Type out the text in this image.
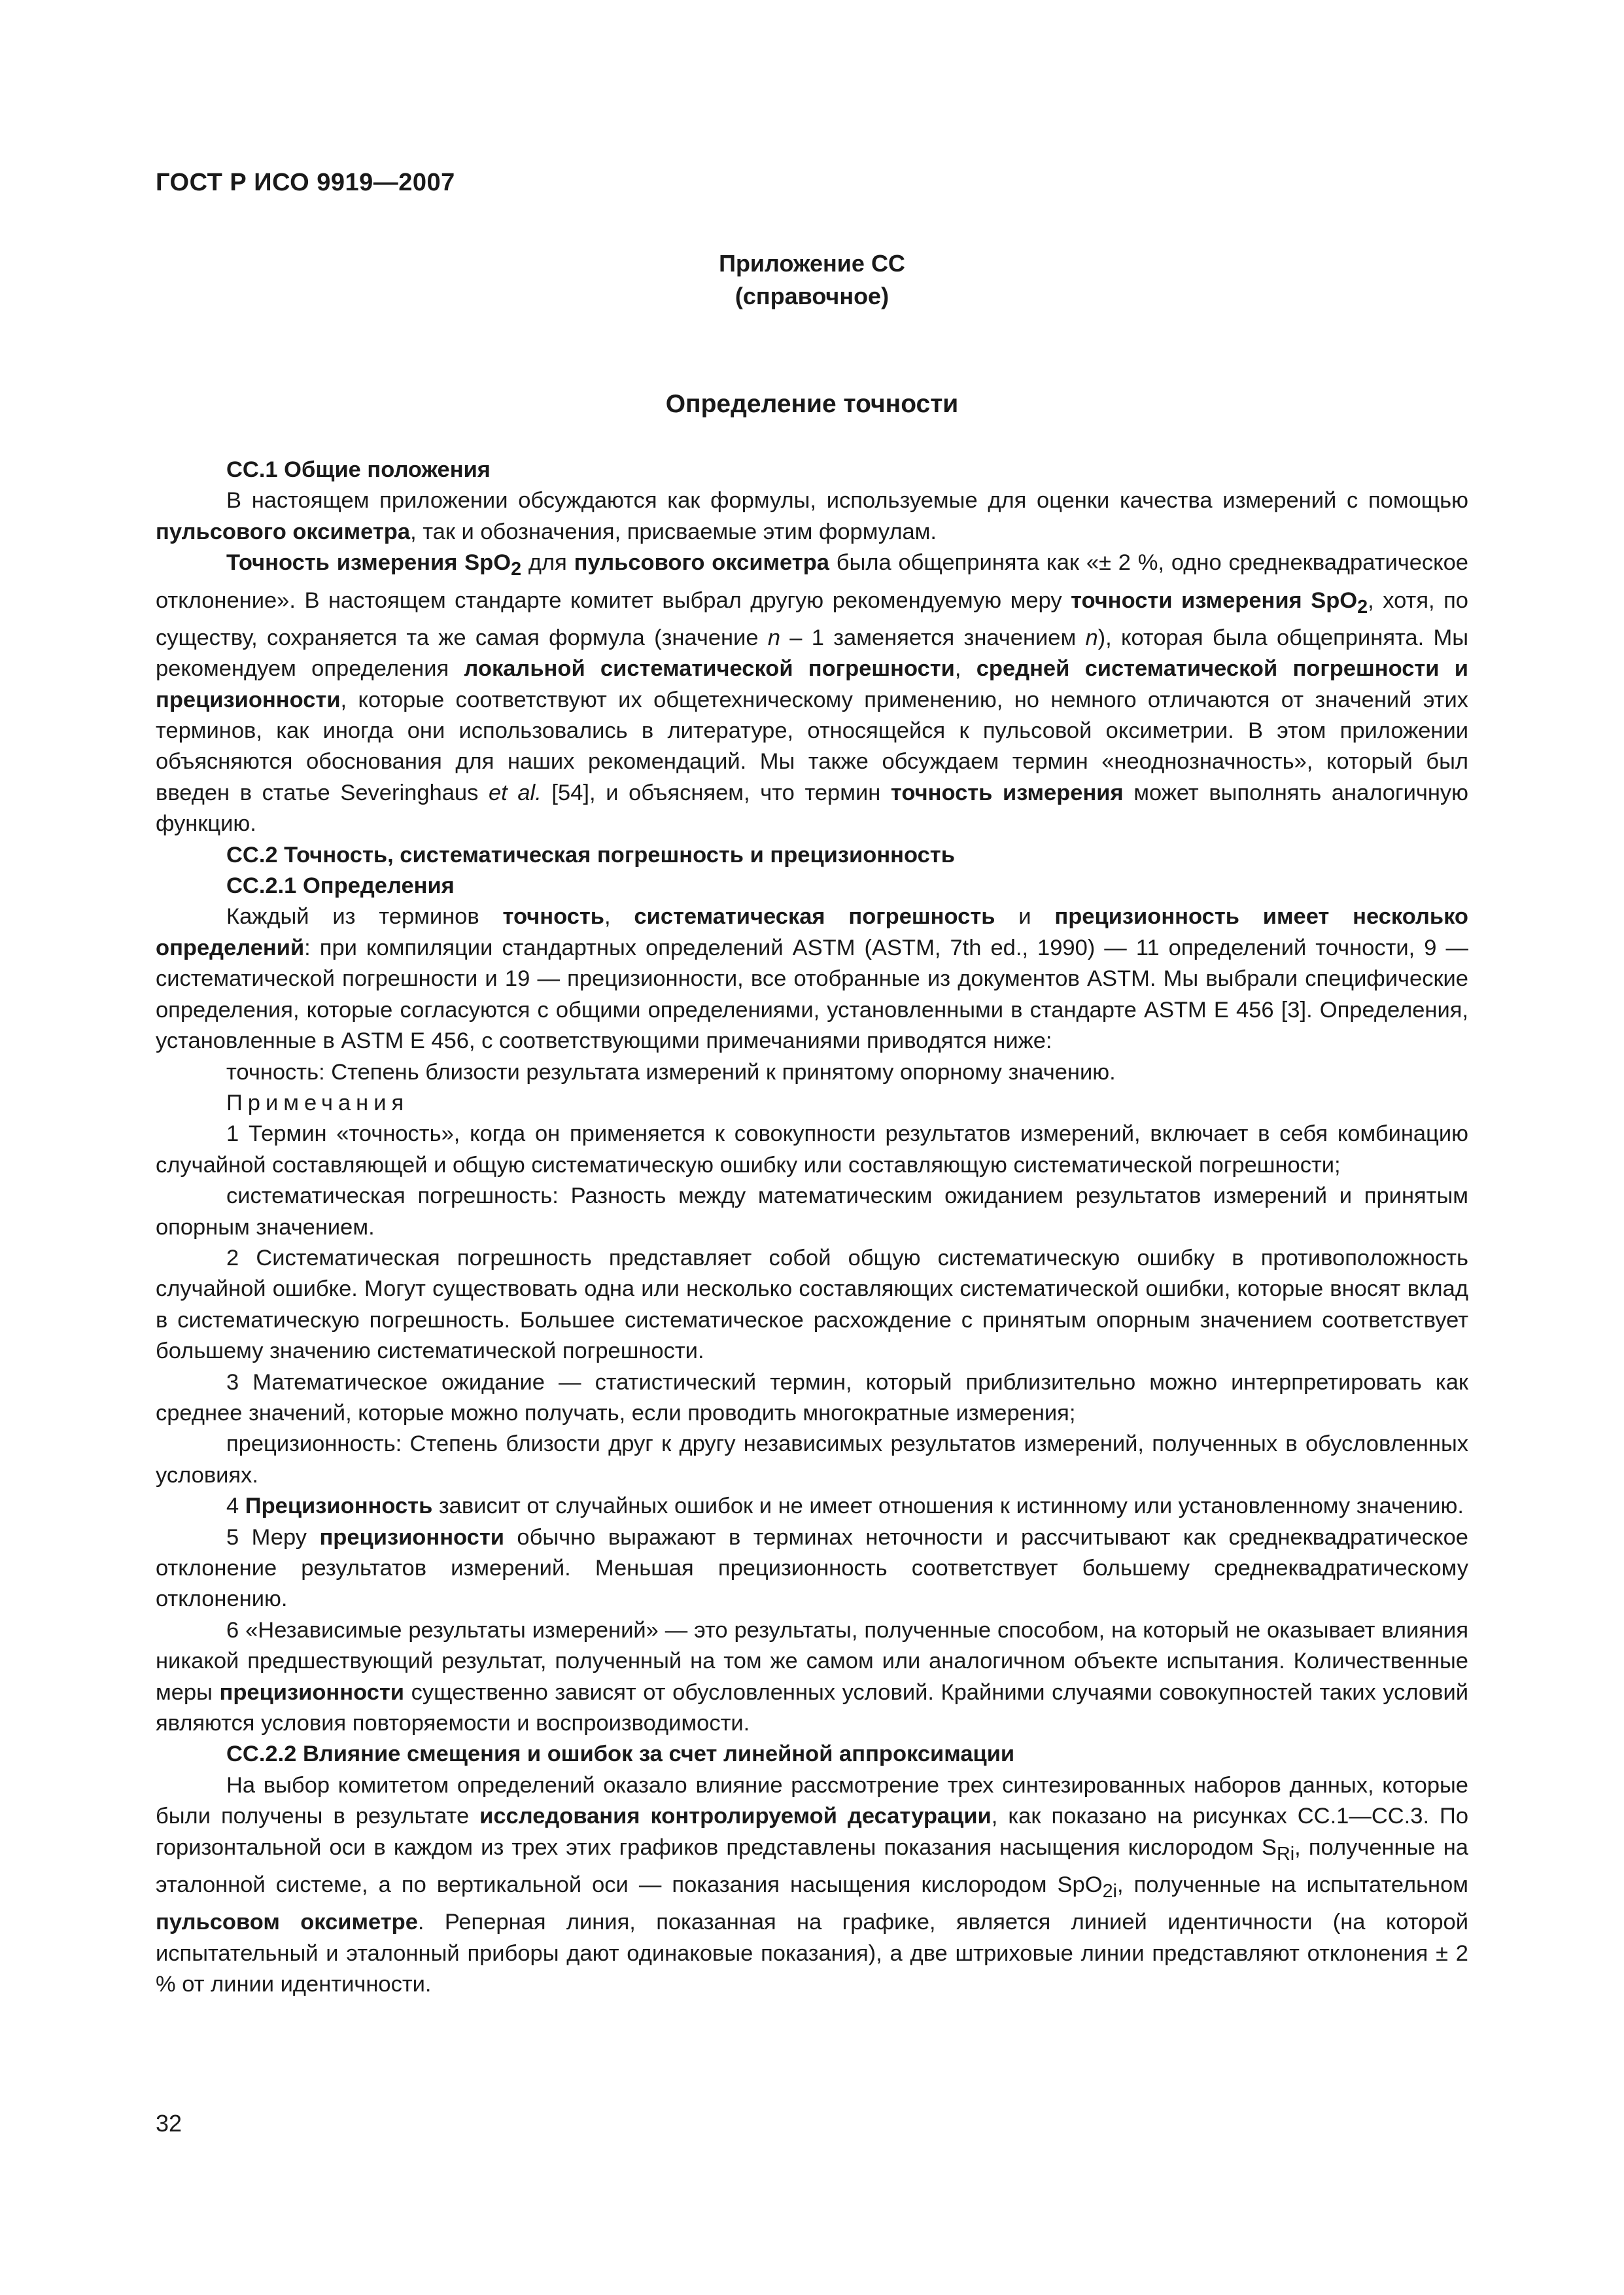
ГОСТ Р ИСО 9919—2007
Приложение СС
(справочное)
Определение точности

СС.1 Общие положения

В настоящем приложении обсуждаются как формулы, используемые для оценки качества измерений с помощью пульсового оксиметра, так и обозначения, присваемые этим формулам.

Точность измерения SpO$_2$ для пульсового оксиметра была общепринята как «± 2 %, одно среднеквадратическое отклонение». В настоящем стандарте комитет выбрал другую рекомендуемую меру точности измерения SpO$_2$, хотя, по существу, сохраняется та же самая формула (значение n – 1 заменяется значением n), которая была общепринята. Мы рекомендуем определения локальной систематической погрешности, средней систематической погрешности и прецизионности, которые соответствуют их общетехническому применению, но немного отличаются от значений этих терминов, как иногда они использовались в литературе, относящейся к пульсовой оксиметрии. В этом приложении объясняются обоснования для наших рекомендаций. Мы также обсуждаем термин «неоднозначность», который был введен в статье Severinghaus et al. [54], и объясняем, что термин точность измерения может выполнять аналогичную функцию.

СС.2 Точность, систематическая погрешность и прецизионность

СС.2.1 Определения

Каждый из терминов точность, систематическая погрешность и прецизионность имеет несколько определений: при компиляции стандартных определений ASTM (ASTM, 7th ed., 1990) — 11 определений точности, 9 — систематической погрешности и 19 — прецизионности, все отобранные из документов ASTM. Мы выбрали специфические определения, которые согласуются с общими определениями, установленными в стандарте ASTM E 456 [3]. Определения, установленные в ASTM E 456, с соответствующими примечаниями приводятся ниже:

точность: Степень близости результата измерений к принятому опорному значению.

Примечания

1 Термин «точность», когда он применяется к совокупности результатов измерений, включает в себя комбинацию случайной составляющей и общую систематическую ошибку или составляющую систематической погрешности;

систематическая погрешность: Разность между математическим ожиданием результатов измерений и принятым опорным значением.

2 Систематическая погрешность представляет собой общую систематическую ошибку в противоположность случайной ошибке. Могут существовать одна или несколько составляющих систематической ошибки, которые вносят вклад в систематическую погрешность. Большее систематическое расхождение с принятым опорным значением соответствует большему значению систематической погрешности.

3 Математическое ожидание — статистический термин, который приблизительно можно интерпретировать как среднее значений, которые можно получать, если проводить многократные измерения;

прецизионность: Степень близости друг к другу независимых результатов измерений, полученных в обусловленных условиях.

4 Прецизионность зависит от случайных ошибок и не имеет отношения к истинному или установленному значению.

5 Меру прецизионности обычно выражают в терминах неточности и рассчитывают как среднеквадратическое отклонение результатов измерений. Меньшая прецизионность соответствует большему среднеквадратическому отклонению.

6 «Независимые результаты измерений» — это результаты, полученные способом, на который не оказывает влияния никакой предшествующий результат, полученный на том же самом или аналогичном объекте испытания. Количественные меры прецизионности существенно зависят от обусловленных условий. Крайними случаями совокупностей таких условий являются условия повторяемости и воспроизводимости.

СС.2.2 Влияние смещения и ошибок за счет линейной аппроксимации

На выбор комитетом определений оказало влияние рассмотрение трех синтезированных наборов данных, которые были получены в результате исследования контролируемой десатурации, как показано на рисунках СС.1—СС.3. По горизонтальной оси в каждом из трех этих графиков представлены показания насыщения кислородом $S_{Ri}$, полученные на эталонной системе, а по вертикальной оси — показания насыщения кислородом SpO$_{2i}$, полученные на испытательном пульсовом оксиметре. Реперная линия, показанная на графике, является линией идентичности (на которой испытательный и эталонный приборы дают одинаковые показания), а две штриховые линии представляют отклонения ± 2 % от линии идентичности.

32
